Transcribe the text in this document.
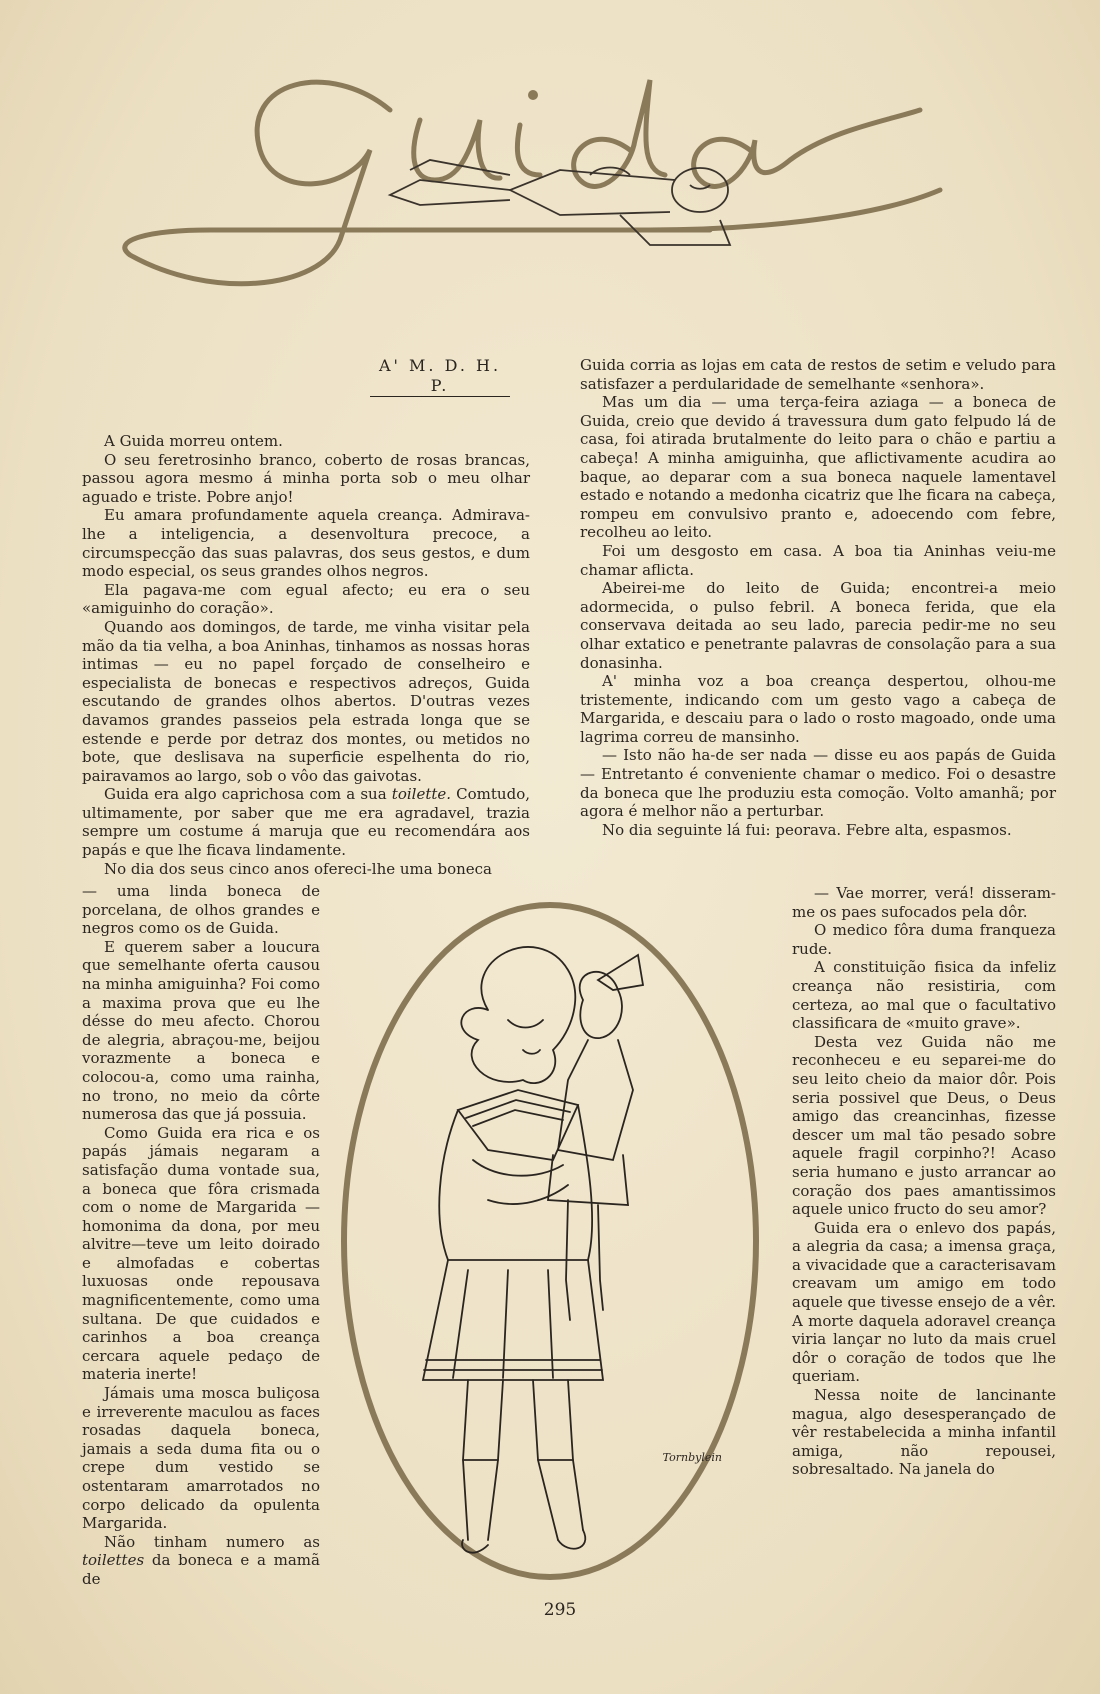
A' M. D. H. P.

A Guida morreu ontem.

O seu feretrosinho branco, coberto de rosas brancas, passou agora mesmo á minha porta sob o meu olhar aguado e triste. Pobre anjo!

Eu amara profundamente aquela creança. Admirava-lhe a inteligencia, a desenvoltura precoce, a circumspecção das suas palavras, dos seus gestos, e dum modo especial, os seus grandes olhos negros.

Ela pagava-me com egual afecto; eu era o seu «amiguinho do coração».

Quando aos domingos, de tarde, me vinha visitar pela mão da tia velha, a boa Aninhas, tinhamos as nossas horas intimas — eu no papel forçado de conselheiro e especialista de bonecas e respectivos adreços, Guida escutando de grandes olhos abertos. D'outras vezes davamos grandes passeios pela estrada longa que se estende e perde por detraz dos montes, ou metidos no bote, que deslisava na superficie espelhenta do rio, pairavamos ao largo, sob o vôo das gaivotas.

Guida era algo caprichosa com a sua toilette. Comtudo, ultimamente, por saber que me era agradavel, trazia sempre um costume á maruja que eu recomendára aos papás e que lhe ficava lindamente.

No dia dos seus cinco anos ofereci-lhe uma boneca

— uma linda boneca de porcelana, de olhos grandes e negros como os de Guida.

E querem saber a loucura que semelhante oferta causou na minha amiguinha? Foi como a maxima prova que eu lhe désse do meu afecto. Chorou de alegria, abraçou-me, beijou vorazmente a boneca e colocou-a, como uma rainha, no trono, no meio da côrte numerosa das que já possuia.

Como Guida era rica e os papás jámais negaram a satisfação duma vontade sua, a boneca que fôra crismada com o nome de Margarida — homonima da dona, por meu alvitre—teve um leito doirado e almofadas e cobertas luxuosas onde repousava magnificentemente, como uma sultana. De que cuidados e carinhos a boa creança cercara aquele pedaço de materia inerte!

Jámais uma mosca buliçosa e irreverente maculou as faces rosadas daquela boneca, jamais a seda duma fita ou o crepe dum vestido se ostentaram amarrotados no corpo delicado da opulenta Margarida.

Não tinham numero as toilettes da boneca e a mamã de

Guida corria as lojas em cata de restos de setim e veludo para satisfazer a perdularidade de semelhante «senhora».

Mas um dia — uma terça-feira aziaga — a boneca de Guida, creio que devido á travessura dum gato felpudo lá de casa, foi atirada brutalmente do leito para o chão e partiu a cabeça! A minha amiguinha, que aflictivamente acudira ao baque, ao deparar com a sua boneca naquele lamentavel estado e notando a medonha cicatriz que lhe ficara na cabeça, rompeu em convulsivo pranto e, adoecendo com febre, recolheu ao leito.

Foi um desgosto em casa. A boa tia Aninhas veiu-me chamar aflicta.

Abeirei-me do leito de Guida; encontrei-a meio adormecida, o pulso febril. A boneca ferida, que ela conservava deitada ao seu lado, parecia pedir-me no seu olhar extatico e penetrante palavras de consolação para a sua donasinha.

A' minha voz a boa creança despertou, olhou-me tristemente, indicando com um gesto vago a cabeça de Margarida, e descaiu para o lado o rosto magoado, onde uma lagrima correu de mansinho.

— Isto não ha-de ser nada — disse eu aos papás de Guida — Entretanto é conveniente chamar o medico. Foi o desastre da boneca que lhe produziu esta comoção. Volto amanhã; por agora é melhor não a perturbar.

No dia seguinte lá fui: peorava. Febre alta, espasmos.

— Vae morrer, verá! disseram-me os paes sufocados pela dôr.

O medico fôra duma franqueza rude.

A constituição fisica da infeliz creança não resistiria, com certeza, ao mal que o facultativo classificara de «muito grave».

Desta vez Guida não me reconheceu e eu separei-me do seu leito cheio da maior dôr. Pois seria possivel que Deus, o Deus amigo das creancinhas, fizesse descer um mal tão pesado sobre aquele fragil corpinho?! Acaso seria humano e justo arrancar ao coração dos paes amantissimos aquele unico fructo do seu amor?

Guida era o enlevo dos papás, a alegria da casa; a imensa graça, a vivacidade que a caracterisavam creavam um amigo em todo aquele que tivesse ensejo de a vêr. A morte daquela adoravel creança viria lançar no luto da mais cruel dôr o coração de todos que lhe queriam.

Nessa noite de lancinante magua, algo desesperançado de vêr restabelecida a minha infantil amiga, não repousei, sobresaltado. Na janela do

Tornbylein
295
